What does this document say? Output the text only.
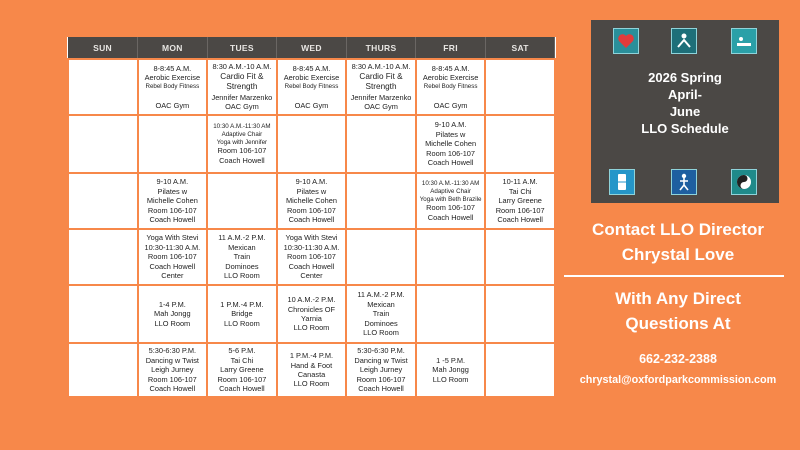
SUN	MON	TUES	WED	THURS	FRI	SAT

	8-8:45 A.M.
Aerobic Exercise
Rebel Body Fitness
OAC Gym	8:30 A.M.-10 A.M.
Cardio Fit &
Strength
Jennifer Marzenko
OAC Gym	8-8:45 A.M.
Aerobic Exercise
Rebel Body Fitness
OAC Gym	8:30 A.M.-10 A.M.
Cardio Fit &
Strength
Jennifer Marzenko
OAC Gym	8-8:45 A.M.
Aerobic Exercise
Rebel Body Fitness
OAC Gym	

		10:30 A.M.-11:30 AM
Adaptive Chair
Yoga with Jennifer
Room 106-107
Coach Howell			9-10 A.M.
Pilates w
Michelle Cohen
Room 106-107
Coach Howell	

	9-10 A.M.
Pilates w
Michelle Cohen
Room 106-107
Coach Howell		9-10 A.M.
Pilates w
Michelle Cohen
Room 106-107
Coach Howell		10:30 A.M.-11:30 AM
Adaptive Chair
Yoga with Beth Brazile
Room 106-107
Coach Howell	10-11 A.M.
Tai Chi
Larry Greene
Room 106-107
Coach Howell

	Yoga With Stevi
10:30-11:30 A.M.
Room 106-107
Coach Howell
Center	11 A.M.-2 P.M.
Mexican
Train
Dominoes
LLO Room	Yoga With Stevi
10:30-11:30 A.M.
Room 106-107
Coach Howell
Center			

	1-4 P.M.
Mah Jongg
LLO Room	1 P.M.-4 P.M.
Bridge
LLO Room	10 A.M.-2 P.M.
Chronicles OF
Yarnia
LLO Room	11 A.M.-2 P.M.
Mexican
Train
Dominoes
LLO Room		

	5:30-6:30 P.M.
Dancing w Twist
Leigh Jurney
Room 106-107
Coach Howell	5-6 P.M.
Tai Chi
Larry Greene
Room 106-107
Coach Howell	1 P.M.-4 P.M.
Hand & Foot
Canasta
LLO Room	5:30-6:30 P.M.
Dancing w Twist
Leigh Jurney
Room 106-107
Coach Howell	1 -5 P.M.
Mah Jongg
LLO Room	

2026 Spring
April-
June
LLO Schedule
Contact LLO Director
Chrystal Love
With Any Direct
Questions At
662-232-2388
chrystal@oxfordparkcommission.com
